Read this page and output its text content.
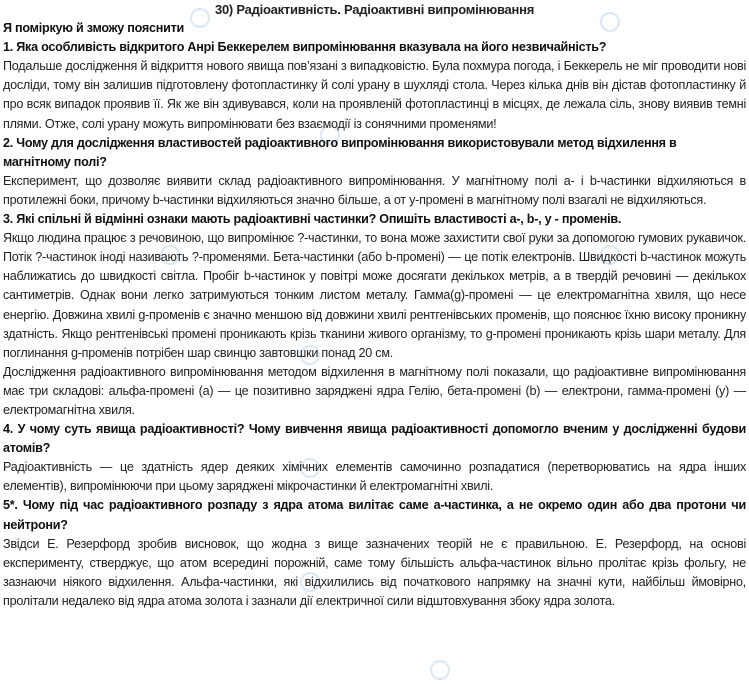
30) Радіоактивність. Радіоактивні випромінювання

Я поміркую й зможу пояснити

1. Яка особливість відкритого Анрі Беккерелем випромінювання вказувала на його незвичайність?

Подальше дослідження й відкриття нового явища пов’язані з випадковістю. Була похмура погода, і Беккерель не міг проводити нові досліди, тому він залишив підготовлену фотопластинку й солі урану в шухляді стола. Через кілька днів він дістав фотопластинку й про всяк випадок проявив її. Як же він здивувався, коли на проявленій фотопластинці в місцях, де лежала сіль, знову виявив темні плями. Отже, солі урану можуть випромінювати без взаємодії із сонячними променями!

2. Чому для дослідження властивостей радіоактивного випромінювання використовували метод відхилення в магнітному полі?

Експеримент, що дозволяє виявити склад радіоактивного випромінювання. У магнітному полі a- і b-частинки відхиляються в протилежні боки, причому b-частинки відхиляються значно більше, а от y-промені в магнітному полі взагалі не відхиляються.

3. Які спільні й відмінні ознаки мають радіоактивні частинки? Опишіть властивості a-, b-, y - променів.

Якщо людина працює з речовиною, що випромінює ?-частинки, то вона може захистити свої руки за допомогою гумових рукавичок. Потік ?-частинок іноді називають ?-променями. Бета-частинки (або b-промені) — це потік електронів. Швидкості b-частинок можуть наближатись до швидкості світла. Пробіг b-частинок у повітрі може досягати декількох метрів, а в твердій речовині — декількох сантиметрів. Однак вони легко затримуються тонким листом металу. Гамма(g)-промені — це електромагнітна хвиля, що несе енергію. Довжина хвилі g-променів є значно меншою від довжини хвилі рентгенівських променів, що пояснює їхню високу проникну здатність. Якщо рентгенівські промені проникають крізь тканини живого організму, то g-промені проникають крізь шари металу. Для поглинання g-променів потрібен шар свинцю завтовшки понад 20 см.

Дослідження радіоактивного випромінювання методом відхилення в магнітному полі показали, що радіоактивне випромінювання має три складові: альфа-промені (a) — це позитивно заряджені ядра Гелію, бета-промені (b) — електрони, гамма-промені (y) — електромагнітна хвиля.

4. У чому суть явища радіоактивності? Чому вивчення явища радіоактивності допомогло вченим у дослідженні будови атомів?

Радіоактивність — це здатність ядер деяких хімічних елементів самочинно розпадатися (перетворюватись на ядра інших елементів), випромінюючи при цьому заряджені мікрочастинки й електромагнітні хвилі.

5*. Чому під час радіоактивного розпаду з ядра атома вилітає саме a-частинка, а не окремо один або два протони чи нейтрони?

Звідси Е. Резерфорд зробив висновок, що жодна з вище зазначених теорій не є правильною. Е. Резерфорд, на основі експерименту, стверджує, що атом всередині порожній, саме тому більшість альфа-частинок вільно пролітає крізь фольгу, не зазнаючи ніякого відхилення. Альфа-частинки, які відхилились від початкового напрямку на значні кути, найбільш ймовірно, пролітали недалеко від ядра атома золота і зазнали дії електричної сили відштовхування збоку ядра золота.
